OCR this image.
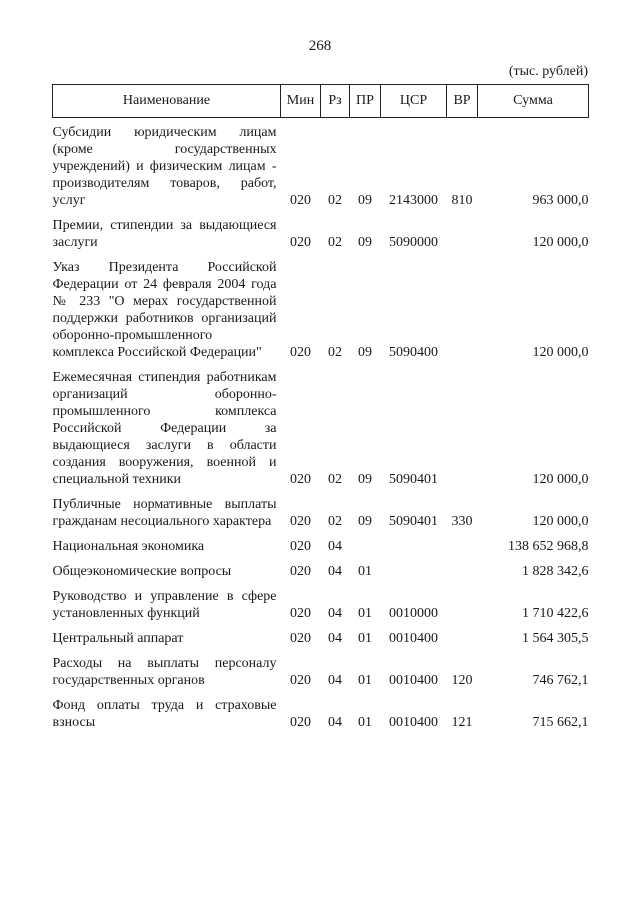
268
(тыс. рублей)
Наименование	Мин	Рз	ПР	ЦСР	ВР	Сумма
Субсидии юридическим лицам (кроме государственных учреждений) и физическим лицам - производителям товаров, работ, услуг	020	02	09	2143000	810	963 000,0
Премии, стипендии за выдающиеся заслуги	020	02	09	5090000		120 000,0
Указ Президента Российской Федерации от 24 февраля 2004 года № 233 "О мерах государственной поддержки работников организаций оборонно-промышленного комплекса Российской Федерации"	020	02	09	5090400		120 000,0
Ежемесячная стипендия работникам организаций оборонно-промышленного комплекса Российской Федерации за выдающиеся заслуги в области создания вооружения, военной и специальной техники	020	02	09	5090401		120 000,0
Публичные нормативные выплаты гражданам несоциального характера	020	02	09	5090401	330	120 000,0
Национальная экономика	020	04				138 652 968,8
Общеэкономические вопросы	020	04	01			1 828 342,6
Руководство и управление в сфере установленных функций	020	04	01	0010000		1 710 422,6
Центральный аппарат	020	04	01	0010400		1 564 305,5
Расходы на выплаты персоналу государственных органов	020	04	01	0010400	120	746 762,1
Фонд оплаты труда и страховые взносы	020	04	01	0010400	121	715 662,1
